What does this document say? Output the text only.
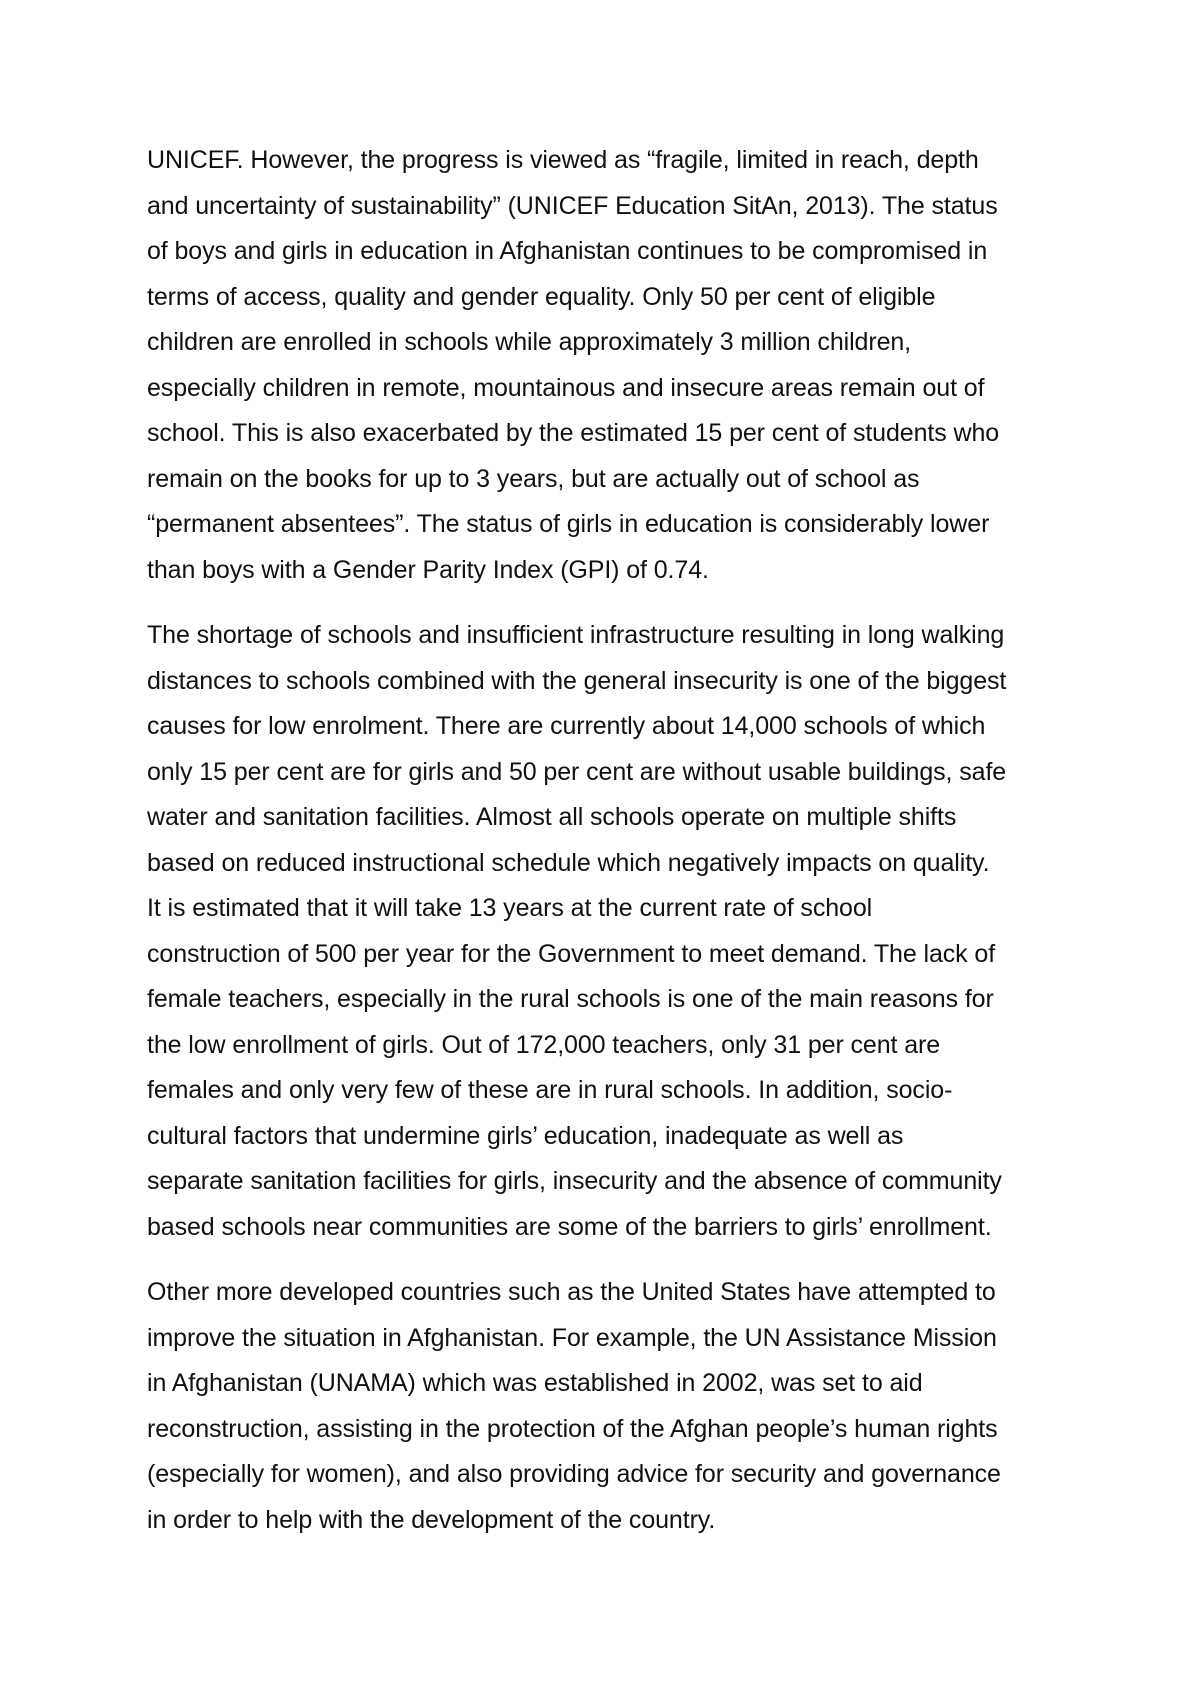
UNICEF. However, the progress is viewed as “fragile, limited in reach, depth
and uncertainty of sustainability” (UNICEF Education SitAn, 2013). The status
of boys and girls in education in Afghanistan continues to be compromised in
terms of access, quality and gender equality. Only 50 per cent of eligible
children are enrolled in schools while approximately 3 million children,
especially children in remote, mountainous and insecure areas remain out of
school. This is also exacerbated by the estimated 15 per cent of students who
remain on the books for up to 3 years, but are actually out of school as
“permanent absentees”. The status of girls in education is considerably lower
than boys with a Gender Parity Index (GPI) of 0.74.
The shortage of schools and insufficient infrastructure resulting in long walking
distances to schools combined with the general insecurity is one of the biggest
causes for low enrolment. There are currently about 14,000 schools of which
only 15 per cent are for girls and 50 per cent are without usable buildings, safe
water and sanitation facilities. Almost all schools operate on multiple shifts
based on reduced instructional schedule which negatively impacts on quality.
It is estimated that it will take 13 years at the current rate of school
construction of 500 per year for the Government to meet demand. The lack of
female teachers, especially in the rural schools is one of the main reasons for
the low enrollment of girls. Out of 172,000 teachers, only 31 per cent are
females and only very few of these are in rural schools. In addition, socio-
cultural factors that undermine girls’ education, inadequate as well as
separate sanitation facilities for girls, insecurity and the absence of community
based schools near communities are some of the barriers to girls’ enrollment.
Other more developed countries such as the United States have attempted to
improve the situation in Afghanistan. For example, the UN Assistance Mission
in Afghanistan (UNAMA) which was established in 2002, was set to aid
reconstruction, assisting in the protection of the Afghan people’s human rights
(especially for women), and also providing advice for security and governance
in order to help with the development of the country.
